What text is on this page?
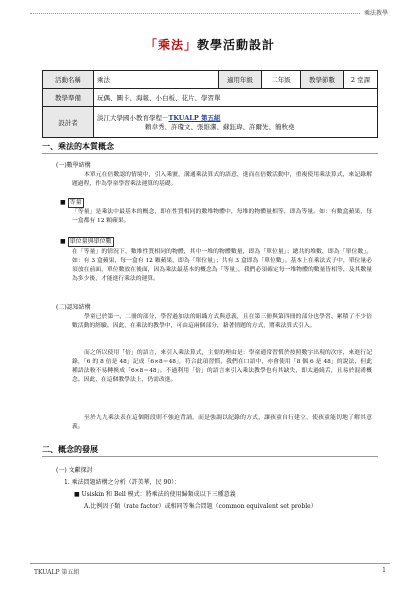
乘法教學
「乘法」教學活動設計
活動名稱	乘法	適用年級	二年級	教學節數	2 堂課
教學準備	玩偶、圖卡、海報、小白板、花片、學習單				
設計者	淡江大學國小教育學程－TKUALP 第五組
賴韋秀、許瓊文、張維潔、蘇鈺瑋、許爾先、簡秋堯				
一、乘法的本質概念
(一)數學結構
本單元在倍數認的情境中，引入乘號，溝通乘法算式的語意，進而在倍數活動中，重複使用乘法算式，來記錄解題過程，作為學童學習乘法運算的基礎。
■ 等量
「等量」是乘法中最基本的概念，即在性質相同的數堆物體中，每堆的物體量相等，即為等量。如：有數盒蘋果，每一盒都有 12 顆蘋果。
■ 單位量與單位數
在「等量」的情況下，數堆性質相同的物體，其中一堆的物體數量，即為「單位量」；總共的堆數，即為「單位數」。如：有 3 盒蘋果，每一盒有 12 顆蘋果，即為「單位量」；共有 3 盒即為「單位數」。基本上在乘法式子中，單位量必須放在前面，單位數放在後面，因為乘法最基本的概念為「等量」，我們必須確定每一堆物體的數量皆相等，及其數量為多少後，才能進行乘法的運算。
(二)認知結構
學童已於第一、二冊的部分，學習過加法的組織方式與意義，且在第三冊與第四冊的部分也學習、累積了不少倍數活動的經驗。因此，在乘法的教學中，可由這兩個部分，藉著情題的方式，將乘法算式引入。
而之所以使用「倍」的語言，來引入乘法算式，主要的理由是：學童通常習慣於按照數字出現的次序，來進行記錄，「6 的 8 倍是 48」記成「6×8＝48」，符合此項習慣，我們在口語中，亦會使用「8 個 6 是 48」的說法，但此種語法較不易轉換成「6×8＝48」。不過利用「倍」的語言來引入乘法教學也有其缺失，即太過繞舌，且易於混淆概念。因此，在這個教學法上，仍需改進。
至於九九乘法表在這個階段則不強迫背誦，而是強調以紀錄的方式，讓孩童自行建立，使孩童能切地了解其意義。
二、概念的發展
(一) 文獻探討
1. 乘法問題結構之分析（許美華，民 90）：
■ Usiskin 和 Bell 模式：將乘法的使用歸類成以下三種意義
A.比例因子類（rate factor）或相同等集合問題（common equivalent set proble）
TKUALP 第五組	1
